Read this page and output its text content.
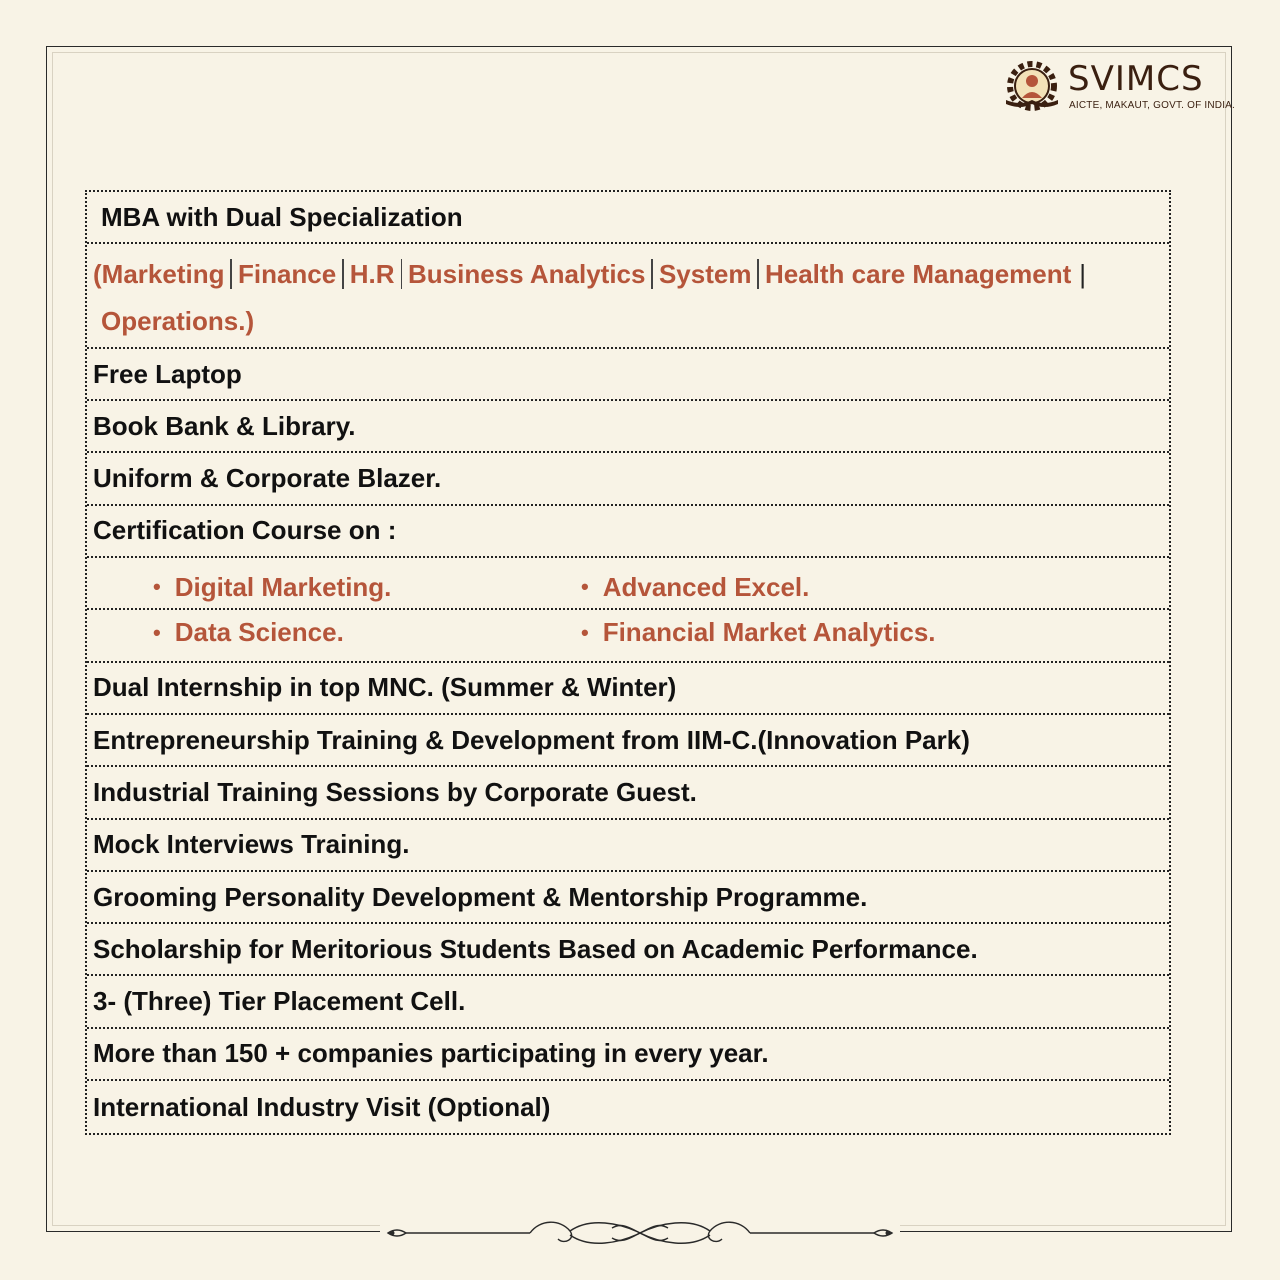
SVIMCS
AICTE, MAKAUT, GOVT. OF INDIA.
MBA with Dual Specialization
(Marketing Finance H.R Business Analytics System Health care Management |
Operations.)
Free Laptop
Book Bank & Library.
Uniform & Corporate Blazer.
Certification Course on :
• Digital Marketing.	• Advanced Excel.
• Data Science.	• Financial Market Analytics.
Dual Internship in top MNC. (Summer & Winter)
Entrepreneurship Training & Development from IIM-C.(Innovation Park)
Industrial Training Sessions by Corporate Guest.
Mock Interviews Training.
Grooming Personality Development & Mentorship Programme.
Scholarship for Meritorious Students Based on Academic Performance.
3- (Three) Tier Placement Cell.
More than 150 + companies participating in every year.
International Industry Visit (Optional)
